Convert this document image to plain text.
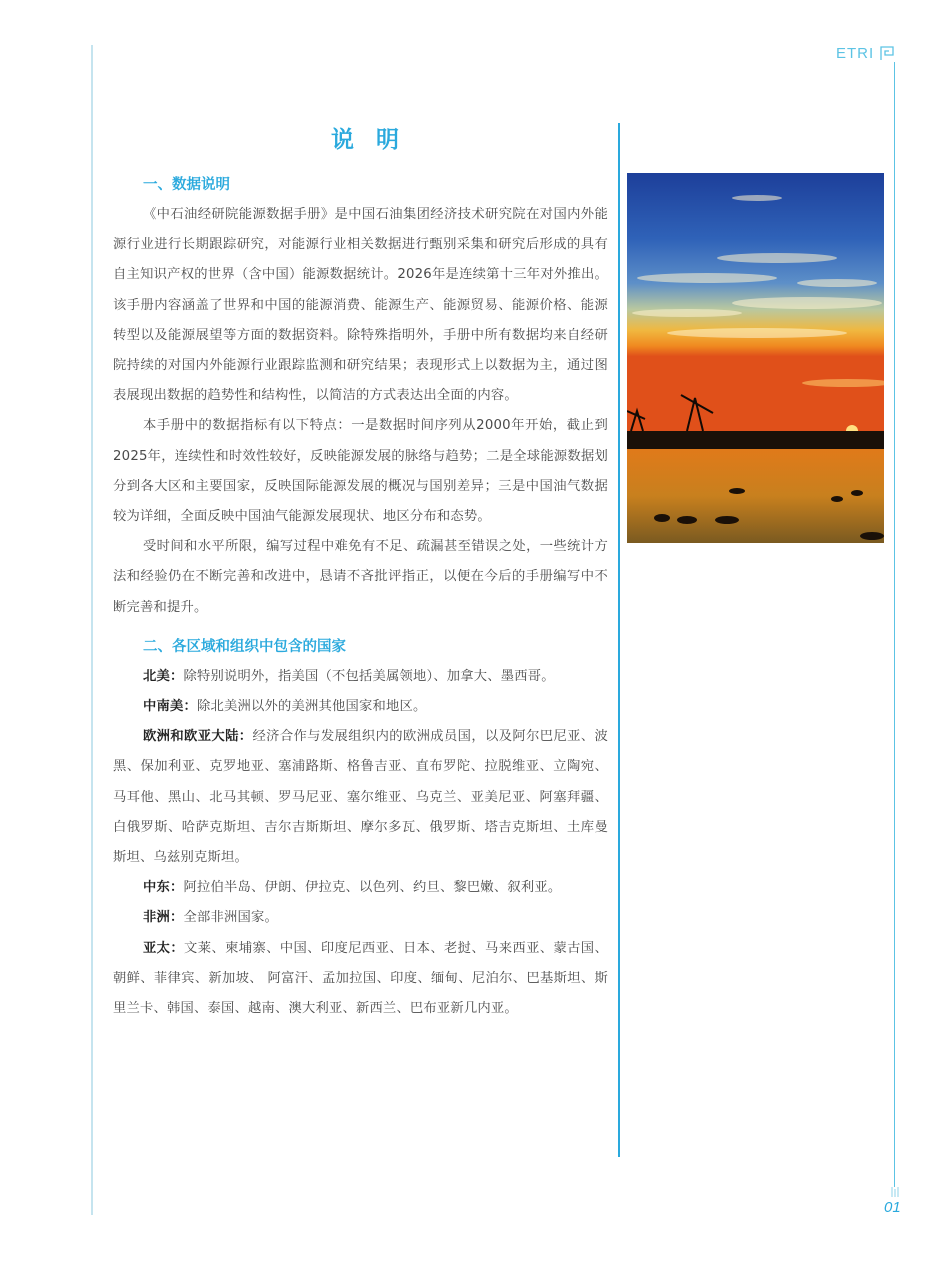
ETRI
01
说明
一、数据说明

《中石油经研院能源数据手册》是中国石油集团经济技术研究院在对国内外能源行业进行长期跟踪研究，对能源行业相关数据进行甄别采集和研究后形成的具有自主知识产权的世界（含中国）能源数据统计。2026年是连续第十三年对外推出。该手册内容涵盖了世界和中国的能源消费、能源生产、能源贸易、能源价格、能源转型以及能源展望等方面的数据资料。除特殊指明外，手册中所有数据均来自经研院持续的对国内外能源行业跟踪监测和研究结果；表现形式上以数据为主，通过图表展现出数据的趋势性和结构性，以简洁的方式表达出全面的内容。

本手册中的数据指标有以下特点：一是数据时间序列从2000年开始，截止到2025年，连续性和时效性较好，反映能源发展的脉络与趋势；二是全球能源数据划分到各大区和主要国家，反映国际能源发展的概况与国别差异；三是中国油气数据较为详细，全面反映中国油气能源发展现状、地区分布和态势。

受时间和水平所限，编写过程中难免有不足、疏漏甚至错误之处，一些统计方法和经验仍在不断完善和改进中，恳请不吝批评指正，以便在今后的手册编写中不断完善和提升。

二、各区域和组织中包含的国家

北美：除特别说明外，指美国（不包括美属领地）、加拿大、墨西哥。

中南美：除北美洲以外的美洲其他国家和地区。

欧洲和欧亚大陆：经济合作与发展组织内的欧洲成员国，以及阿尔巴尼亚、波黑、保加利亚、克罗地亚、塞浦路斯、格鲁吉亚、直布罗陀、拉脱维亚、立陶宛、马耳他、黑山、北马其顿、罗马尼亚、塞尔维亚、乌克兰、亚美尼亚、阿塞拜疆、白俄罗斯、哈萨克斯坦、吉尔吉斯斯坦、摩尔多瓦、俄罗斯、塔吉克斯坦、土库曼斯坦、乌兹别克斯坦。

中东：阿拉伯半岛、伊朗、伊拉克、以色列、约旦、黎巴嫩、叙利亚。

非洲：全部非洲国家。

亚太：文莱、柬埔寨、中国、印度尼西亚、日本、老挝、马来西亚、蒙古国、朝鲜、菲律宾、新加坡、 阿富汗、孟加拉国、印度、缅甸、尼泊尔、巴基斯坦、斯里兰卡、韩国、泰国、越南、澳大利亚、新西兰、巴布亚新几内亚。
